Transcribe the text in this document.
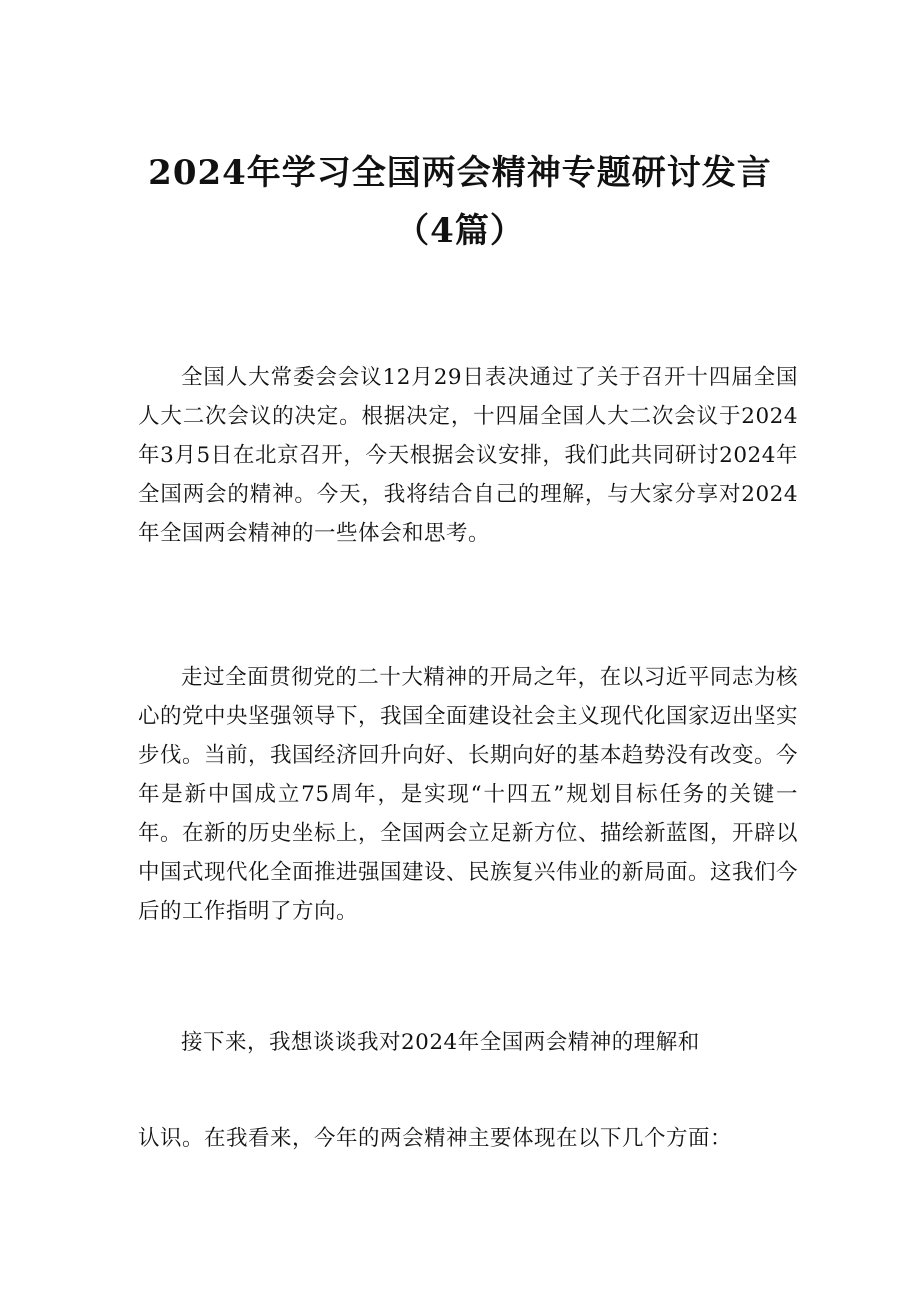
2024年学习全国两会精神专题研讨发言
（4篇）

全国人大常委会会议12月29日表决通过了关于召开十四届全国人大二次会议的决定。根据决定，十四届全国人大二次会议于2024年3月5日在北京召开，今天根据会议安排，我们此共同研讨2024年全国两会的精神。今天，我将结合自己的理解，与大家分享对2024年全国两会精神的一些体会和思考。

走过全面贯彻党的二十大精神的开局之年，在以习近平同志为核心的党中央坚强领导下，我国全面建设社会主义现代化国家迈出坚实步伐。当前，我国经济回升向好、长期向好的基本趋势没有改变。今年是新中国成立75周年，是实现“十四五”规划目标任务的关键一年。在新的历史坐标上，全国两会立足新方位、描绘新蓝图，开辟以中国式现代化全面推进强国建设、民族复兴伟业的新局面。这我们今后的工作指明了方向。

接下来，我想谈谈我对2024年全国两会精神的理解和

认识。在我看来，今年的两会精神主要体现在以下几个方面：
